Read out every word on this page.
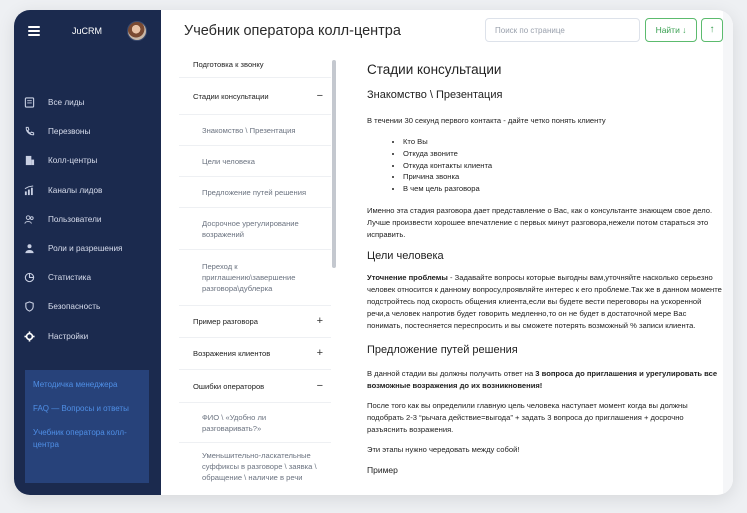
JuCRM
Все лиды
Перезвоны
Колл-центры
Каналы лидов
Пользователи
Роли и разрешения
Статистика
Безопасность
Настройки
Методичка менеджера
FAQ — Вопросы и ответы
Учебник оператора колл-центра
Учебник оператора колл-центра
Поиск по странице	Найти ↓	↑
Подготовка к звонку
Стадии консультации	−
Знакомство \ Презентация
Цели человека
Предложение путей решения
Досрочное урегулирование возражений
Переход к приглашению\завершение разговора\дублерка
Пример разговора	+
Возражения клиентов	+
Ошибки операторов	−
ФИО \ «Удобно ли разговаривать?»
Уменьшительно-ласкательные суффиксы в разговоре \ заявка \ обращение \ наличие в речи
Стадии консультации
Знакомство \ Презентация

В течении 30 секунд первого контакта - дайте четко понять клиенту

• Кто Вы
• Откуда звоните
• Откуда контакты клиента
• Причина звонка
• В чем цель разговора

Именно эта стадия разговора дает представление о Вас, как о консультанте знающем свое дело. Лучше произвести хорошее впечатление с первых минут разговора,нежели потом стараться это исправить.

Цели человека

Уточнение проблемы - Задавайте вопросы которые выгодны вам,уточняйте насколько серьезно человек относится к данному вопросу,проявляйте интерес к его проблеме.Так же в данном моменте подстройтесь под скорость общения клиента,если вы будете вести переговоры на ускоренной речи,а человек напротив будет говорить медленно,то он не будет в достаточной мере Вас понимать, постесняется переспросить и вы сможете потерять возможный % записи клиента.

Предложение путей решения

В данной стадии вы должны получить ответ на 3 вопроса до приглашения и урегулировать все возможные возражения до их возникновения!

После того как вы определили главную цель человека наступает момент когда вы должны подобрать 2-3 “рычага действие=выгода” + задать 3 вопроса до приглашения + досрочно разъяснить возражения.

Эти этапы нужно чередовать между собой!

Пример
